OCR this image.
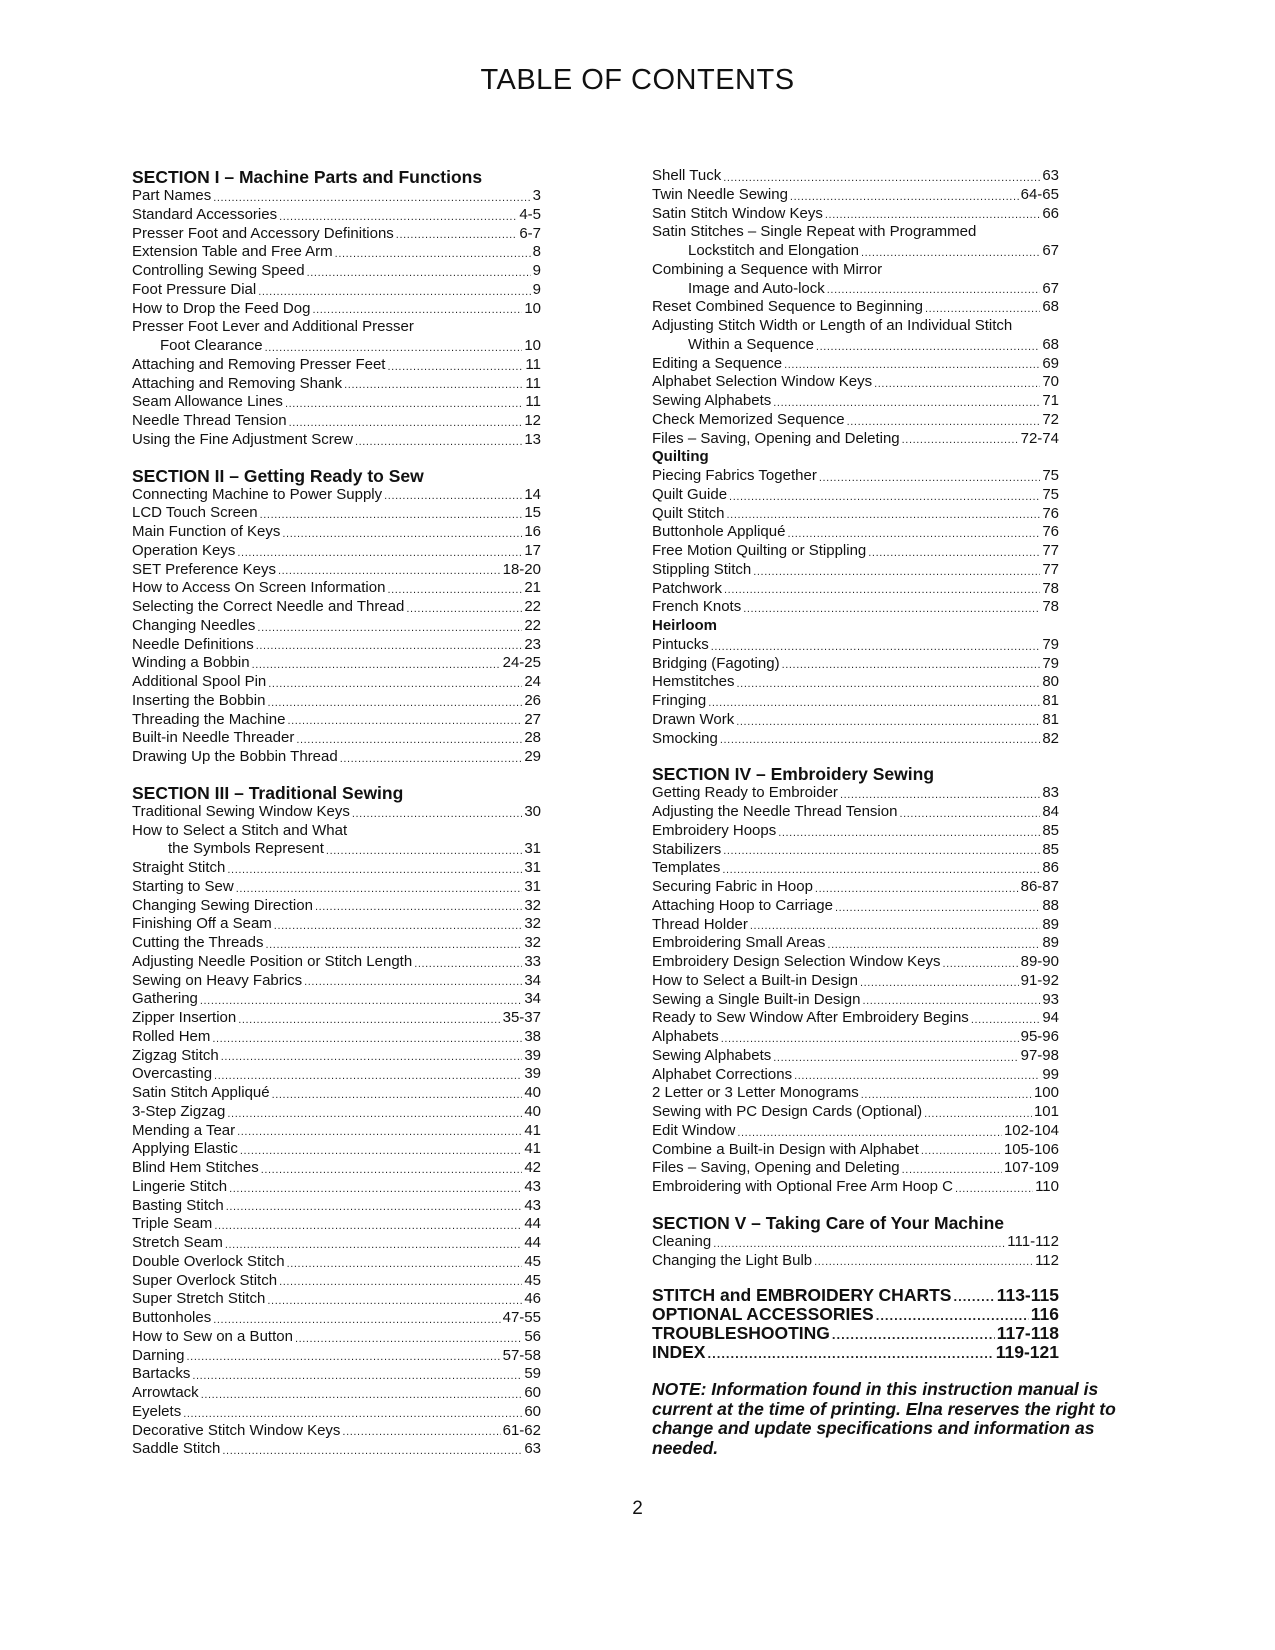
TABLE OF CONTENTS
SECTION I – Machine Parts and Functions
Part Names .....	3
Standard Accessories .....	4-5
Presser Foot and Accessory Definitions .....	6-7
Extension Table and Free Arm .....	8
Controlling Sewing Speed .....	9
Foot Pressure Dial .....	9
How to Drop the Feed Dog .....	10
Presser Foot Lever and Additional Presser
Foot Clearance .....	10
Attaching and Removing Presser Feet .....	11
Attaching and Removing Shank .....	11
Seam Allowance Lines .....	11
Needle Thread Tension .....	12
Using the Fine Adjustment Screw .....	13
SECTION II – Getting Ready to Sew
Connecting Machine to Power Supply .....	14
LCD Touch Screen .....	15
Main Function of Keys .....	16
Operation Keys .....	17
SET Preference Keys .....	18-20
How to Access On Screen Information .....	21
Selecting the Correct Needle and Thread .....	22
Changing Needles .....	22
Needle Definitions .....	23
Winding a Bobbin .....	24-25
Additional Spool Pin .....	24
Inserting the Bobbin .....	26
Threading the Machine .....	27
Built-in Needle Threader .....	28
Drawing Up the Bobbin Thread .....	29
SECTION III – Traditional Sewing
Traditional Sewing Window Keys .....	30
How to Select a Stitch and What
the Symbols Represent .....	31
Straight Stitch .....	31
Starting to Sew .....	31
Changing Sewing Direction .....	32
Finishing Off a Seam .....	32
Cutting the Threads .....	32
Adjusting Needle Position or Stitch Length .....	33
Sewing on Heavy Fabrics .....	34
Gathering .....	34
Zipper Insertion .....	35-37
Rolled Hem .....	38
Zigzag Stitch .....	39
Overcasting .....	39
Satin Stitch Appliqué .....	40
3-Step Zigzag .....	40
Mending a Tear .....	41
Applying Elastic .....	41
Blind Hem Stitches .....	42
Lingerie Stitch .....	43
Basting Stitch .....	43
Triple Seam .....	44
Stretch Seam .....	44
Double Overlock Stitch .....	45
Super Overlock Stitch .....	45
Super Stretch Stitch .....	46
Buttonholes .....	47-55
How to Sew on a Button .....	56
Darning .....	57-58
Bartacks .....	59
Arrowtack .....	60
Eyelets .....	60
Decorative Stitch Window Keys .....	61-62
Saddle Stitch .....	63
Shell Tuck .....	63
Twin Needle Sewing .....	64-65
Satin Stitch Window Keys .....	66
Satin Stitches – Single Repeat with Programmed
Lockstitch and Elongation .....	67
Combining a Sequence with Mirror
Image and Auto-lock .....	67
Reset Combined Sequence to Beginning .....	68
Adjusting Stitch Width or Length of an Individual Stitch
Within a Sequence .....	68
Editing a Sequence .....	69
Alphabet Selection Window Keys .....	70
Sewing Alphabets .....	71
Check Memorized Sequence .....	72
Files – Saving, Opening and Deleting .....	72-74
Quilting
Piecing Fabrics Together .....	75
Quilt Guide .....	75
Quilt Stitch .....	76
Buttonhole Appliqué .....	76
Free Motion Quilting or Stippling .....	77
Stippling Stitch .....	77
Patchwork .....	78
French Knots .....	78
Heirloom
Pintucks .....	79
Bridging (Fagoting) .....	79
Hemstitches .....	80
Fringing .....	81
Drawn Work .....	81
Smocking .....	82
SECTION IV – Embroidery Sewing
Getting Ready to Embroider .....	83
Adjusting the Needle Thread Tension .....	84
Embroidery Hoops .....	85
Stabilizers .....	85
Templates .....	86
Securing Fabric in Hoop .....	86-87
Attaching Hoop to Carriage .....	88
Thread Holder .....	89
Embroidering Small Areas .....	89
Embroidery Design Selection Window Keys .....	89-90
How to Select a Built-in Design .....	91-92
Sewing a Single Built-in Design .....	93
Ready to Sew Window After Embroidery Begins .....	94
Alphabets .....	95-96
Sewing Alphabets .....	97-98
Alphabet Corrections .....	99
2 Letter or 3 Letter Monograms .....	100
Sewing with PC Design Cards (Optional) .....	101
Edit Window .....	102-104
Combine a Built-in Design with Alphabet .....	105-106
Files – Saving, Opening and Deleting .....	107-109
Embroidering with Optional Free Arm Hoop C .....	110
SECTION V – Taking Care of Your Machine
Cleaning .....	111-112
Changing the Light Bulb .....	112
STITCH and EMBROIDERY CHARTS .....	113-115
OPTIONAL ACCESSORIES .....	116
TROUBLESHOOTING .....	117-118
INDEX .....	119-121
NOTE: Information found in this instruction manual is current at the time of printing. Elna reserves the right to change and update specifications and information as needed.
2
